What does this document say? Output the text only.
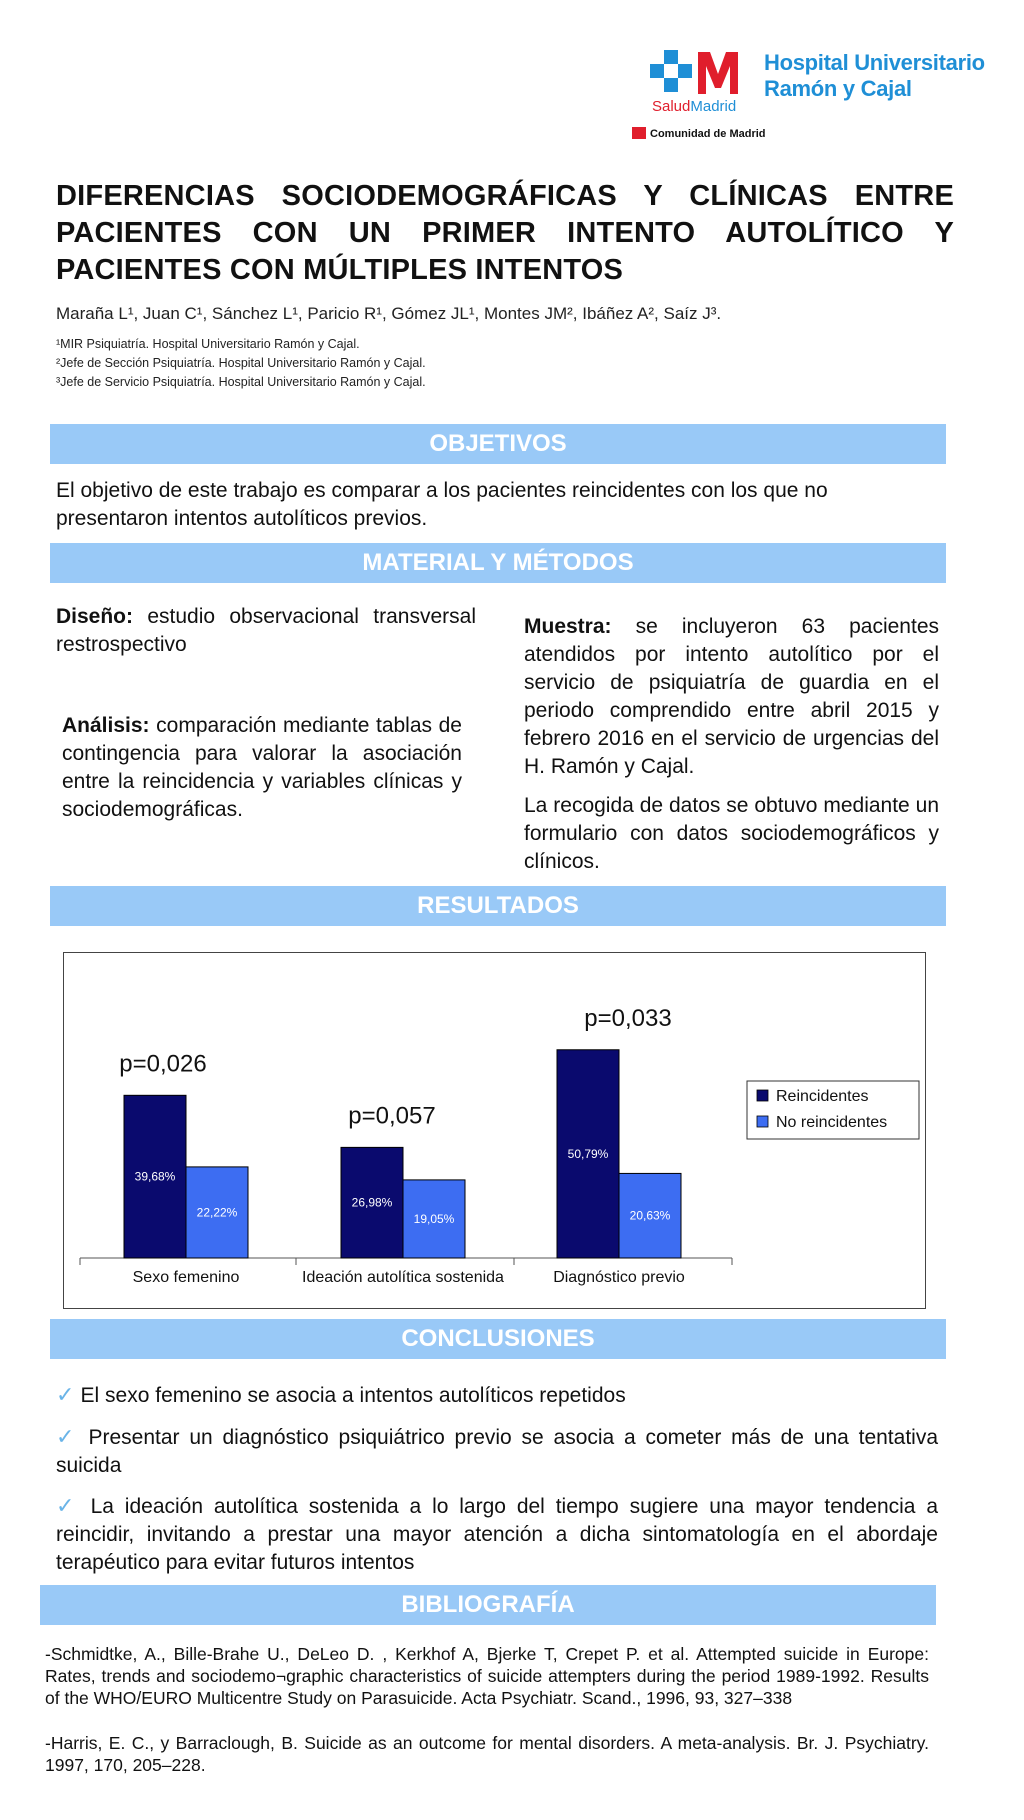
Hospital Universitario
Ramón y Cajal
SaludMadrid
Comunidad de Madrid
DIFERENCIAS SOCIODEMOGRÁFICAS Y CLÍNICAS ENTRE PACIENTES CON UN PRIMER INTENTO AUTOLÍTICO Y PACIENTES CON MÚLTIPLES INTENTOS
Maraña L¹, Juan C¹, Sánchez L¹, Paricio R¹, Gómez JL¹, Montes JM², Ibáñez A², Saíz J³.
¹MIR Psiquiatría. Hospital Universitario Ramón y Cajal.
²Jefe de Sección Psiquiatría. Hospital Universitario Ramón y Cajal.
³Jefe de Servicio Psiquiatría. Hospital Universitario Ramón y Cajal.
OBJETIVOS
El objetivo de este trabajo es comparar a los pacientes reincidentes con los que no presentaron intentos autolíticos previos.
MATERIAL Y MÉTODOS
Diseño: estudio observacional transversal restrospectivo
Análisis: comparación mediante tablas de contingencia para valorar la asociación entre la reincidencia y variables clínicas y sociodemográficas.
Muestra: se incluyeron 63 pacientes atendidos por intento autolítico por el servicio de psiquiatría de guardia en el periodo comprendido entre abril 2015 y febrero 2016 en el servicio de urgencias del H. Ramón y Cajal.
La recogida de datos se obtuvo mediante un formulario con datos sociodemográficos y clínicos.
RESULTADOS
39,68%
22,22%
Sexo femenino
p=0,026
26,98%
19,05%
Ideación autolítica sostenida
p=0,057
50,79%
20,63%
Diagnóstico previo
p=0,033
Reincidentes
No reincidentes
CONCLUSIONES
✓ El sexo femenino se asocia a intentos autolíticos repetidos
✓ Presentar un diagnóstico psiquiátrico previo se asocia a cometer más de una tentativa suicida
✓ La ideación autolítica sostenida a lo largo del tiempo sugiere una mayor tendencia a reincidir, invitando a prestar una mayor atención a dicha sintomatología en el abordaje terapéutico para evitar futuros intentos
BIBLIOGRAFÍA
-Schmidtke, A., Bille-Brahe U., DeLeo D. , Kerkhof A, Bjerke T, Crepet P. et al. Attempted suicide in Europe: Rates, trends and sociodemo¬graphic characteristics of suicide attempters during the period 1989-1992. Results of the WHO/EURO Multicentre Study on Parasuicide. Acta Psychiatr. Scand., 1996, 93, 327–338
-Harris, E. C., y Barraclough, B. Suicide as an outcome for mental disorders. A meta-analysis. Br. J. Psychiatry. 1997, 170, 205–228.
